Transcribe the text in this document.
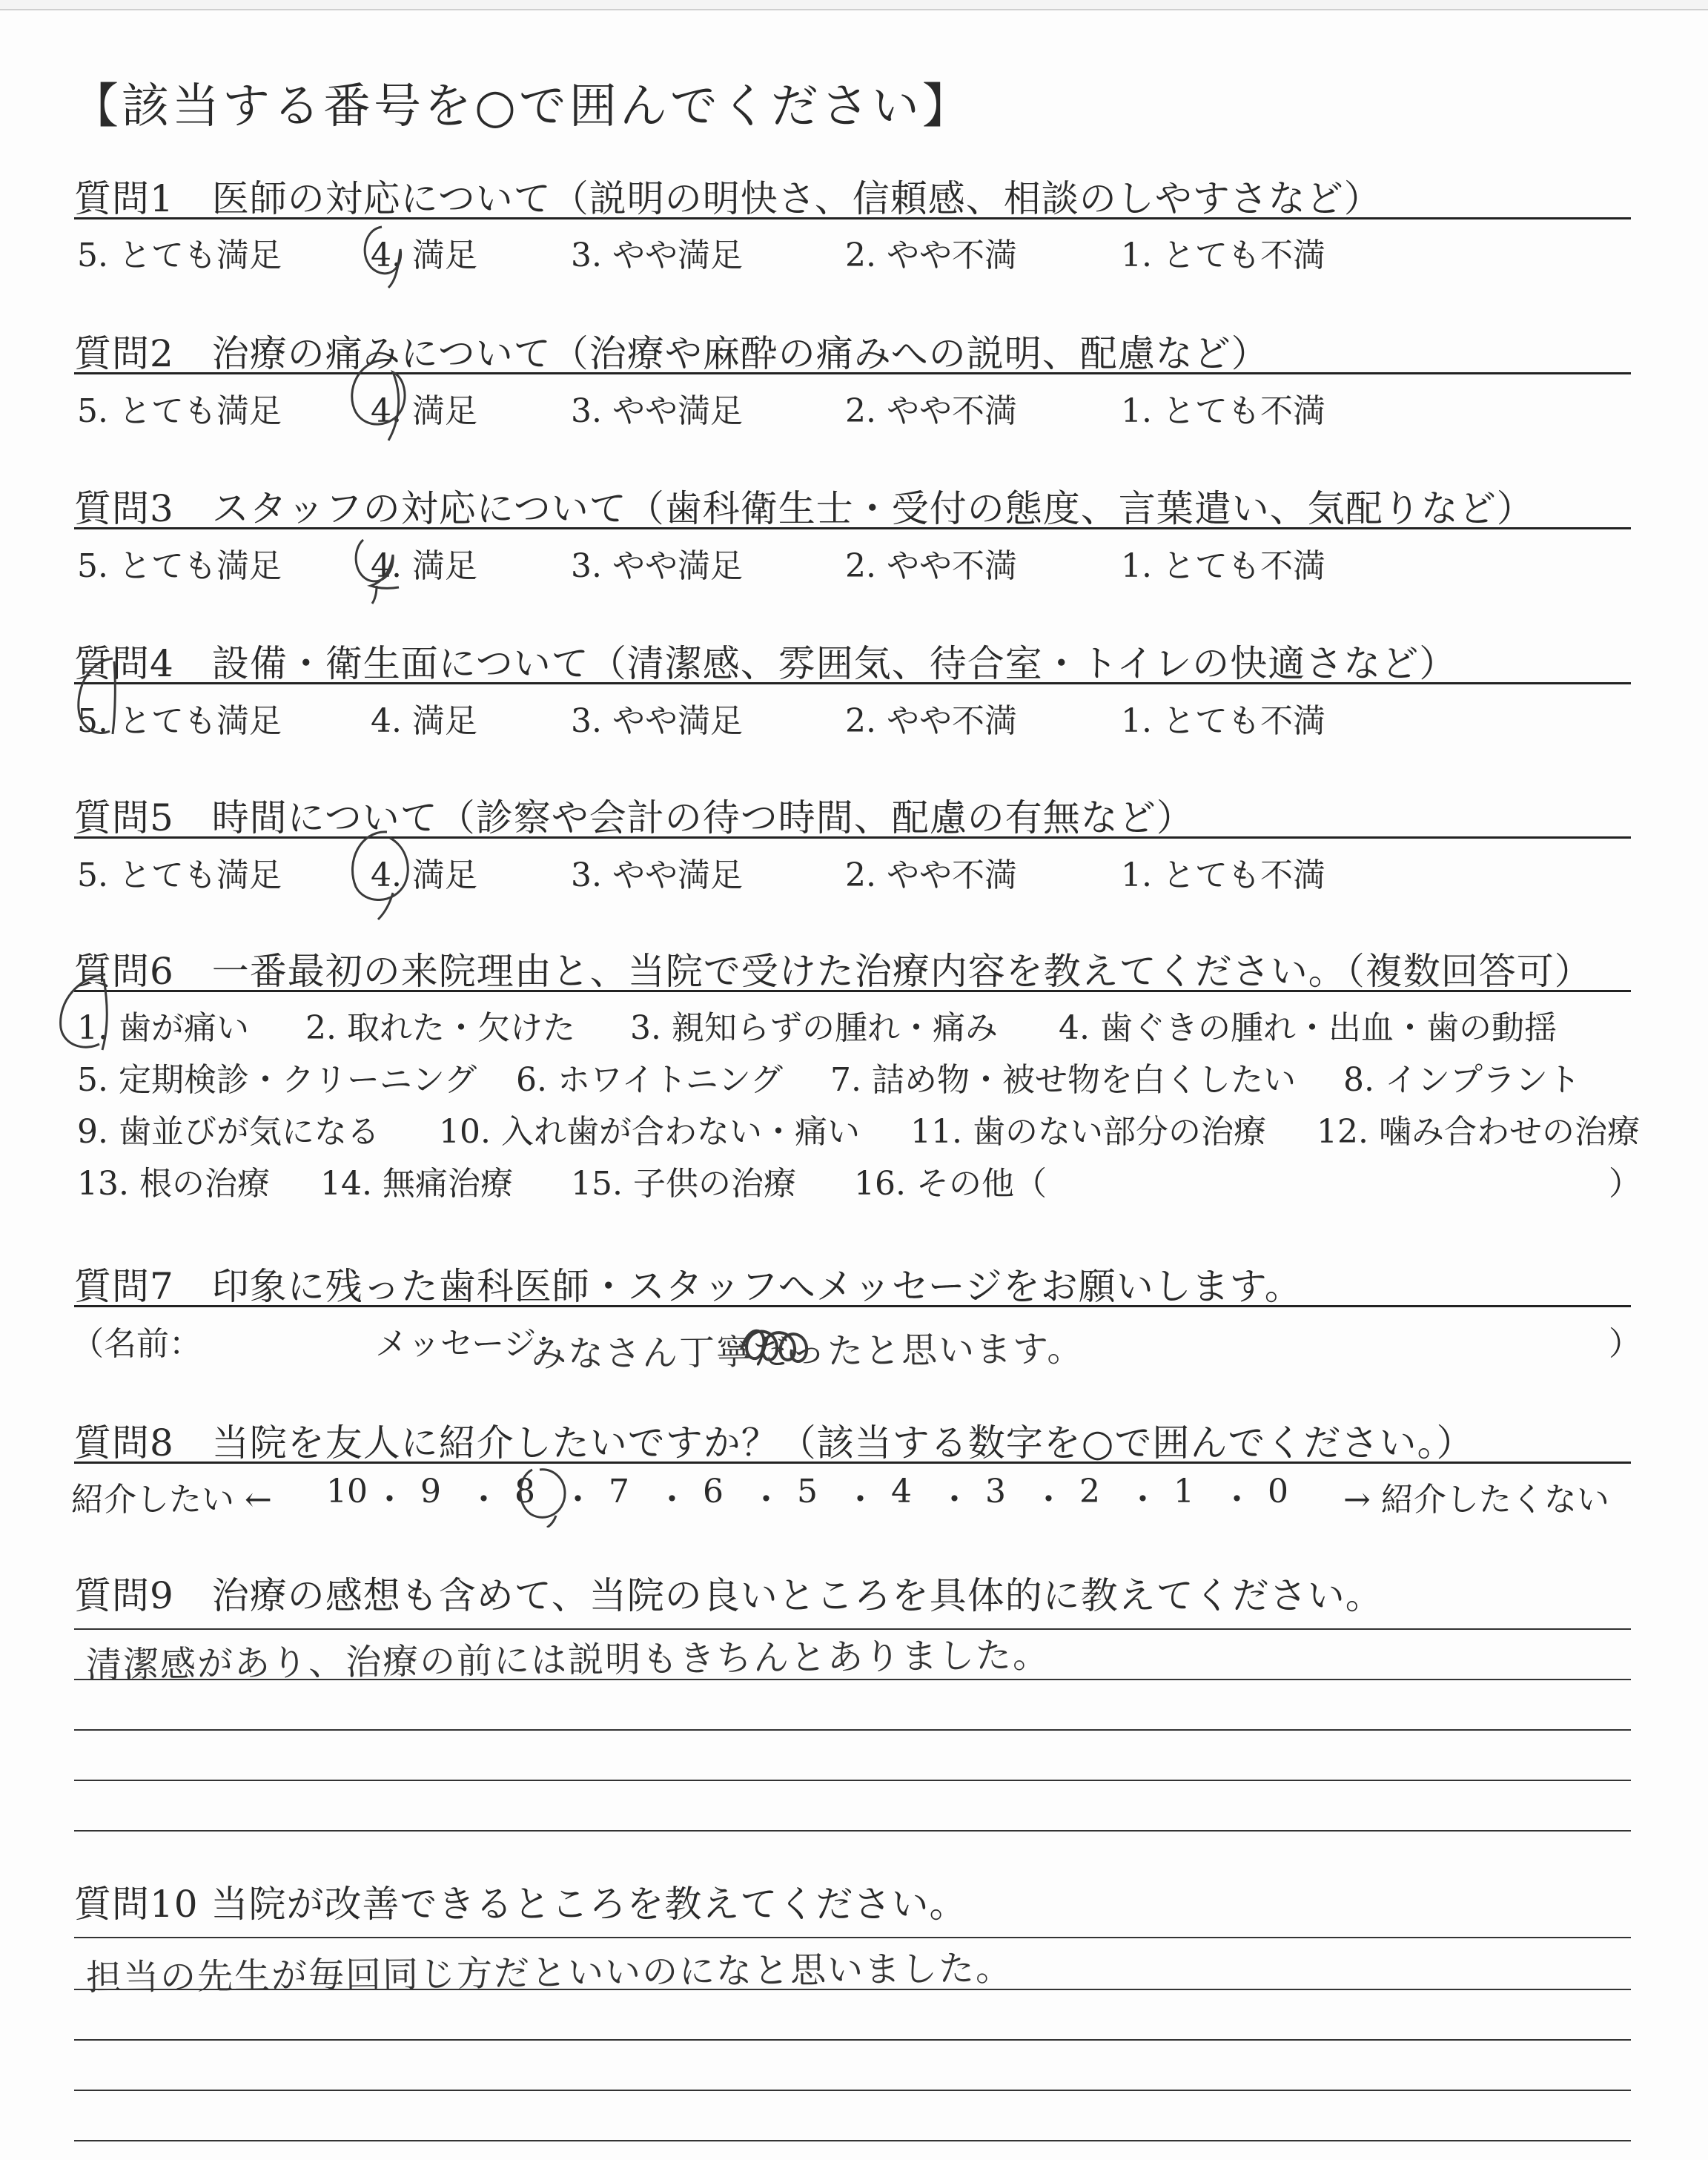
【該当する番号を○で囲んでください】
質問1　医師の対応について（説明の明快さ、信頼感、相談のしやすさなど）
5. とても満足	4. 満足	3. やや満足	2. やや不満	1. とても不満
質問2　治療の痛みについて（治療や麻酔の痛みへの説明、配慮など）
5. とても満足	4. 満足	3. やや満足	2. やや不満	1. とても不満
質問3　スタッフの対応について（歯科衛生士・受付の態度、言葉遣い、気配りなど）
5. とても満足	4. 満足	3. やや満足	2. やや不満	1. とても不満
質問4　設備・衛生面について（清潔感、雰囲気、待合室・トイレの快適さなど）
5. とても満足	4. 満足	3. やや満足	2. やや不満	1. とても不満
質問5　時間について（診察や会計の待つ時間、配慮の有無など）
5. とても満足	4. 満足	3. やや満足	2. やや不満	1. とても不満
質問6　一番最初の来院理由と、当院で受けた治療内容を教えてください。（複数回答可）
1. 歯が痛い 2. 取れた・欠けた 3. 親知らずの腫れ・痛み 4. 歯ぐきの腫れ・出血・歯の動揺
5. 定期検診・クリーニング 6. ホワイトニング 7. 詰め物・被せ物を白くしたい 8. インプラント
9. 歯並びが気になる 10. 入れ歯が合わない・痛い 11. 歯のない部分の治療 12. 噛み合わせの治療
13. 根の治療 14. 無痛治療 15. 子供の治療 16. その他（	）
質問7　印象に残った歯科医師・スタッフへメッセージをお願いします。
（名前：	メッセージ：
みなさん丁寧だったと思います。	）
質問8　当院を友人に紹介したいですか？（該当する数字を○で囲んでください。）
紹介したい ← 10 ・ 9 ・ 8 ・ 7 ・ 6 ・ 5 ・ 4 ・ 3 ・ 2 ・ 1 ・ 0 → 紹介したくない
質問9　治療の感想も含めて、当院の良いところを具体的に教えてください。
清潔感があり、治療の前には説明もきちんとありました。
質問10 当院が改善できるところを教えてください。
担当の先生が毎回同じ方だといいのになと思いました。
